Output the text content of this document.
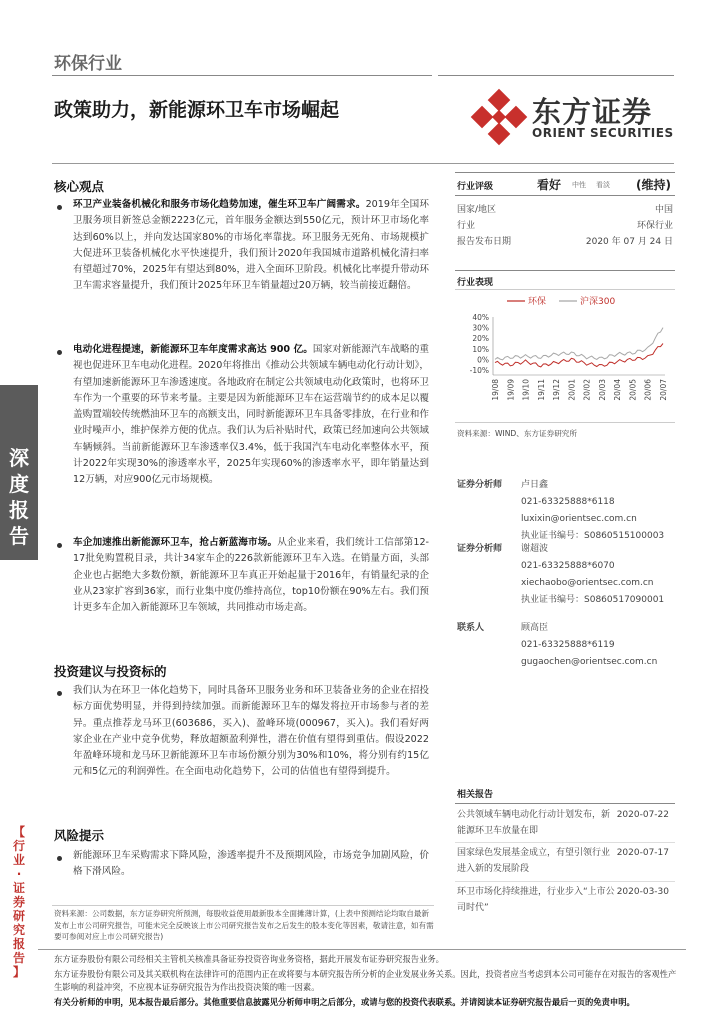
深
度
报
告
【
行
业
·
证
券
研
究
报
告
】
环保行业
政策助力，新能源环卫车市场崛起	东方证券
ORIENT SECURITIES
核心观点
环卫产业装备机械化和服务市场化趋势加速，催生环卫车广阔需求。2019年全国环卫服务项目新签总金额2223亿元，首年服务金额达到550亿元，预计环卫市场化率达到60%以上，并向发达国家80%的市场化率靠拢。环卫服务无死角、市场规模扩大促进环卫装备机械化水平快速提升，我们预计2020年我国城市道路机械化清扫率有望超过70%，2025年有望达到80%，进入全面环卫阶段。机械化比率提升带动环卫车需求容量提升，我们预计2025年环卫车销量超过20万辆，较当前接近翻倍。
电动化进程提速，新能源环卫车年度需求高达 900 亿。国家对新能源汽车战略的重视也促进环卫车电动化进程。2020年将推出《推动公共领域车辆电动化行动计划》，有望加速新能源环卫车渗透速度。各地政府在制定公共领域电动化政策时，也将环卫车作为一个重要的环节来考量。主要是因为新能源环卫车在运营端节约的成本足以覆盖购置端较传统燃油环卫车的高额支出，同时新能源环卫车具备零排放，在行业和作业时噪声小，维护保养方便的优点。我们认为后补贴时代，政策已经加速向公共领域车辆倾斜。当前新能源环卫车渗透率仅3.4%，低于我国汽车电动化率整体水平，预计2022年实现30%的渗透率水平，2025年实现60%的渗透率水平，即年销量达到12万辆，对应900亿元市场规模。
车企加速推出新能源环卫车，抢占新蓝海市场。从企业来看，我们统计工信部第12-17批免购置税目录，共计34家车企的226款新能源环卫车入选。在销量方面，头部企业也占据绝大多数份额，新能源环卫车真正开始起量于2016年，有销量纪录的企业从23家扩容到36家，而行业集中度仍维持高位，top10份额在90%左右。我们预计更多车企加入新能源环卫车领域，共同推动市场走高。
投资建议与投资标的
我们认为在环卫一体化趋势下，同时具备环卫服务业务和环卫装备业务的企业在招投标方面优势明显，并得到持续加强。而新能源环卫车的爆发将拉开市场参与者的差异。重点推荐龙马环卫(603686，买入)、盈峰环境(000967，买入)。我们看好两家企业在产业中竞争优势，释放超额盈利弹性，潜在价值有望得到重估。假设2022年盈峰环境和龙马环卫新能源环卫车市场份额分别为30%和10%，将分别有约15亿元和5亿元的利润弹性。在全面电动化趋势下，公司的估值也有望得到提升。
风险提示
新能源环卫车采购需求下降风险，渗透率提升不及预期风险，市场竞争加剧风险，价格下滑风险。
资料来源：公司数据，东方证券研究所预测，每股收益使用最新股本全面摊薄计算，(上表中预测结论均取自最新发布上市公司研究报告，可能未完全反映该上市公司研究报告发布之后发生的股本变化等因素，敬请注意，如有需要可参阅对应上市公司研究报告)
行业评级	看好 中性 看淡 (维持)
国家/地区	中国
行业	环保行业
报告发布日期	2020 年 07 月 24 日
行业表现
环保	沪深300
40%
30%
20%
10%
0%
-10%
19/08 19/09 19/10 19/11 19/12 20/01 20/02 20/03 20/04 20/05 20/06 20/07
资料来源：WIND、东方证券研究所
证券分析师 卢日鑫
021-63325888*6118
luxixin@orientsec.com.cn
执业证书编号：S0860515100003
证券分析师 谢超波
021-63325888*6070
xiechaobo@orientsec.com.cn
执业证书编号：S0860517090001
联系人	顾高臣
021-63325888*6119
gugaochen@orientsec.com.cn
相关报告
公共领域车辆电动化行动计划发布，新能源环卫车放量在即
2020-07-22
国家绿色发展基金成立，有望引领行业进入新的发展阶段
2020-07-17
环卫市场化持续推进，行业步入“上市公司时代”
2020-03-30
东方证券股份有限公司经相关主管机关核准具备证券投资咨询业务资格，据此开展发布证券研究报告业务。
东方证券股份有限公司及其关联机构在法律许可的范围内正在或将要与本研究报告所分析的企业发展业务关系。因此，投资者应当考虑到本公司可能存在对报告的客观性产生影响的利益冲突，不应视本证券研究报告为作出投资决策的唯一因素。
有关分析师的申明，见本报告最后部分。其他重要信息披露见分析师申明之后部分，或请与您的投资代表联系。并请阅读本证券研究报告最后一页的免责申明。
